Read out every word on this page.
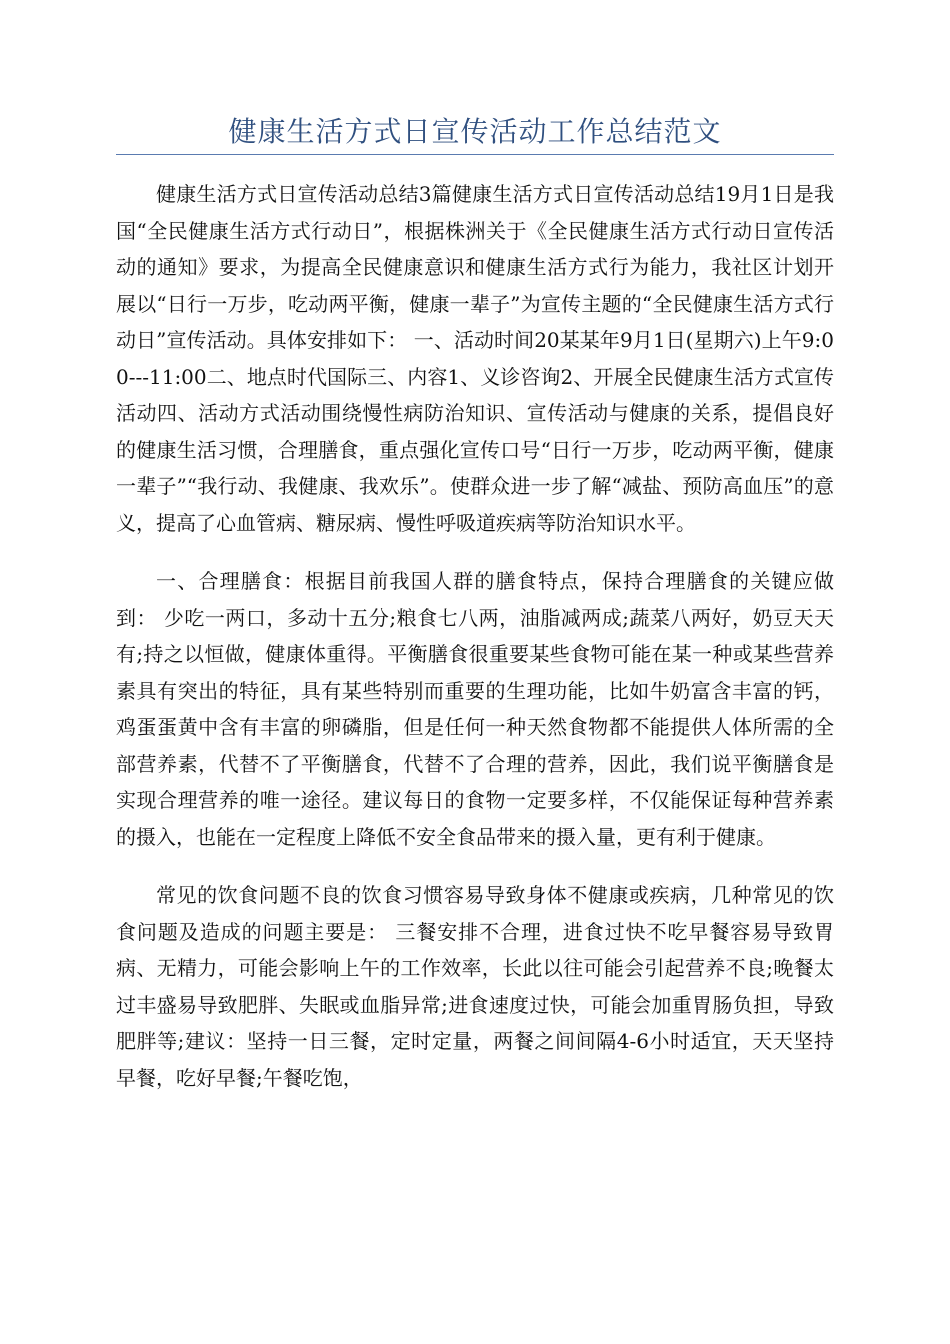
健康生活方式日宣传活动工作总结范文

健康生活方式日宣传活动总结3篇健康生活方式日宣传活动总结19月1日是我国“全民健康生活方式行动日”，根据株洲关于《全民健康生活方式行动日宣传活动的通知》要求，为提高全民健康意识和健康生活方式行为能力，我社区计划开展以“日行一万步，吃动两平衡，健康一辈子”为宣传主题的“全民健康生活方式行动日”宣传活动。具体安排如下： 一、活动时间20某某年9月1日(星期六)上午9:00---11:00二、地点时代国际三、内容1、义诊咨询2、开展全民健康生活方式宣传活动四、活动方式活动围绕慢性病防治知识、宣传活动与健康的关系，提倡良好的健康生活习惯，合理膳食，重点强化宣传口号“日行一万步，吃动两平衡，健康一辈子”“我行动、我健康、我欢乐”。使群众进一步了解“减盐、预防高血压”的意义，提高了心血管病、糖尿病、慢性呼吸道疾病等防治知识水平。

一、合理膳食：根据目前我国人群的膳食特点，保持合理膳食的关键应做到： 少吃一两口，多动十五分;粮食七八两，油脂减两成;蔬菜八两好，奶豆天天有;持之以恒做，健康体重得。平衡膳食很重要某些食物可能在某一种或某些营养素具有突出的特征，具有某些特别而重要的生理功能，比如牛奶富含丰富的钙，鸡蛋蛋黄中含有丰富的卵磷脂，但是任何一种天然食物都不能提供人体所需的全部营养素，代替不了平衡膳食，代替不了合理的营养，因此，我们说平衡膳食是实现合理营养的唯一途径。建议每日的食物一定要多样，不仅能保证每种营养素的摄入，也能在一定程度上降低不安全食品带来的摄入量，更有利于健康。

常见的饮食问题不良的饮食习惯容易导致身体不健康或疾病，几种常见的饮食问题及造成的问题主要是： 三餐安排不合理，进食过快不吃早餐容易导致胃病、无精力，可能会影响上午的工作效率，长此以往可能会引起营养不良;晚餐太过丰盛易导致肥胖、失眠或血脂异常;进食速度过快，可能会加重胃肠负担，导致肥胖等;建议：坚持一日三餐，定时定量，两餐之间间隔4-6小时适宜，天天坚持早餐，吃好早餐;午餐吃饱，
